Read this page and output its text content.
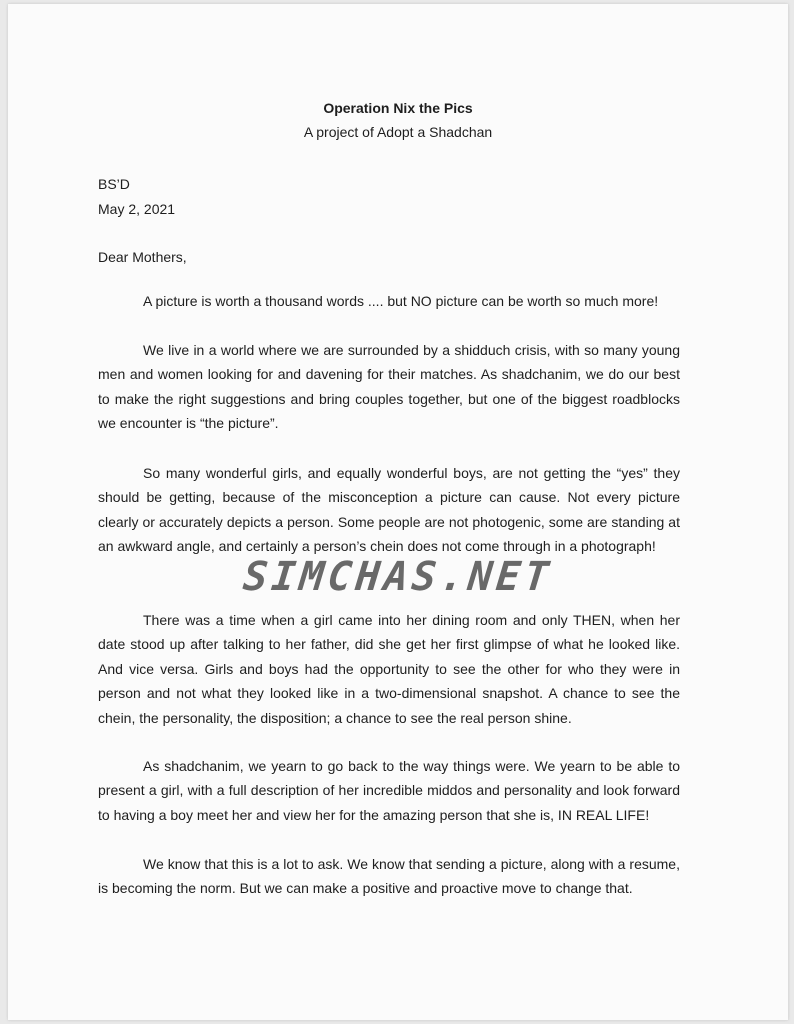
Operation Nix the Pics
A project of Adopt a Shadchan
BS’D
May 2, 2021
Dear Mothers,

A picture is worth a thousand words .... but NO picture can be worth so much more!

We live in a world where we are surrounded by a shidduch crisis, with so many young men and women looking for and davening for their matches. As shadchanim, we do our best to make the right suggestions and bring couples together, but one of the biggest roadblocks we encounter is “the picture”.

So many wonderful girls, and equally wonderful boys, are not getting the “yes” they should be getting, because of the misconception a picture can cause. Not every picture clearly or accurately depicts a person. Some people are not photogenic, some are standing at an awkward angle, and certainly a person’s chein does not come through in a photograph!

There was a time when a girl came into her dining room and only THEN, when her date stood up after talking to her father, did she get her first glimpse of what he looked like. And vice versa. Girls and boys had the opportunity to see the other for who they were in person and not what they looked like in a two-dimensional snapshot. A chance to see the chein, the personality, the disposition; a chance to see the real person shine.

As shadchanim, we yearn to go back to the way things were. We yearn to be able to present a girl, with a full description of her incredible middos and personality and look forward to having a boy meet her and view her for the amazing person that she is, IN REAL LIFE!

We know that this is a lot to ask. We know that sending a picture, along with a resume, is becoming the norm. But we can make a positive and proactive move to change that.

SIMCHAS.NET
